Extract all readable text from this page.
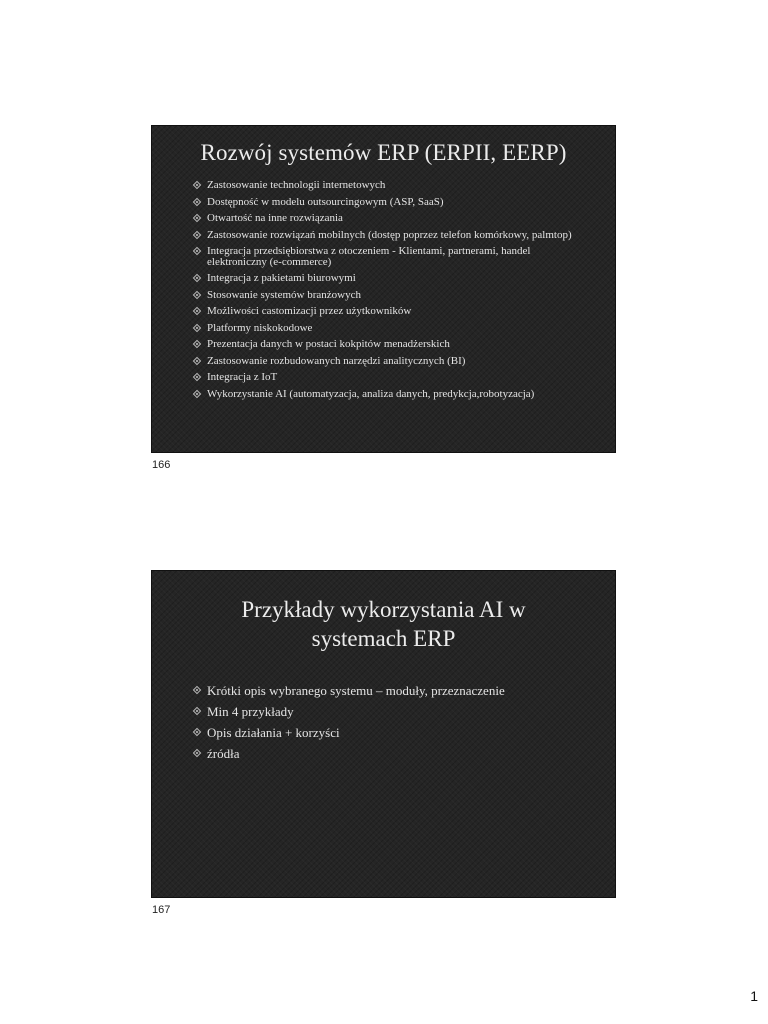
Rozwój systemów ERP (ERPII, EERP)
Zastosowanie technologii internetowych
Dostępność w modelu outsourcingowym (ASP, SaaS)
Otwartość na inne rozwiązania
Zastosowanie rozwiązań mobilnych (dostęp poprzez telefon komórkowy, palmtop)
Integracja przedsiębiorstwa z otoczeniem - Klientami, partnerami, handel elektroniczny (e-commerce)
Integracja z pakietami biurowymi
Stosowanie systemów branżowych
Możliwości castomizacji przez użytkowników
Platformy niskokodowe
Prezentacja danych w postaci kokpitów menadżerskich
Zastosowanie rozbudowanych narzędzi analitycznych (BI)
Integracja z IoT
Wykorzystanie AI (automatyzacja, analiza danych, predykcja,robotyzacja)
166
Przykłady wykorzystania AI w
systemach ERP
Krótki opis wybranego systemu – moduły, przeznaczenie
Min 4 przykłady
Opis działania + korzyści
źródła
167
1
